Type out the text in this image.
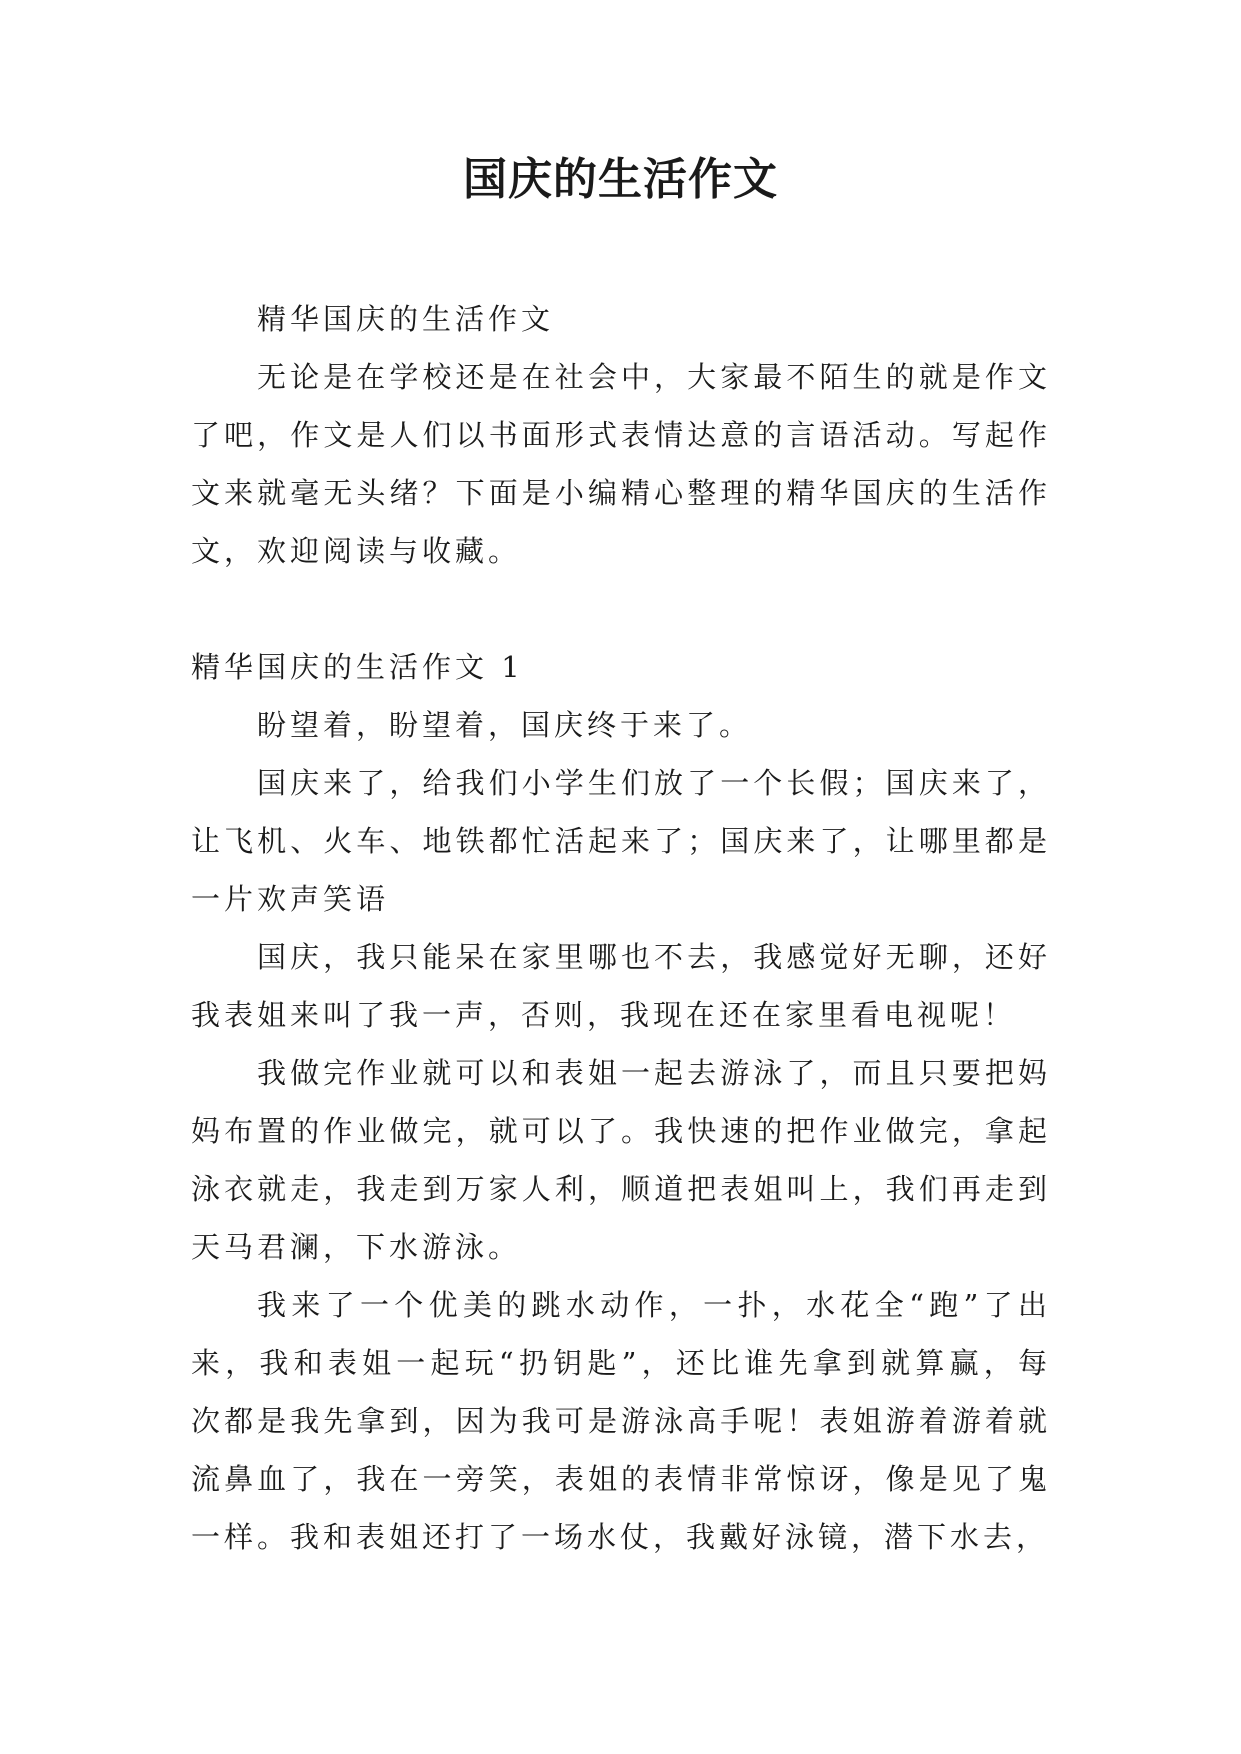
国庆的生活作文

精华国庆的生活作文

无论是在学校还是在社会中，大家最不陌生的就是作文了吧，作文是人们以书面形式表情达意的言语活动。写起作文来就毫无头绪？下面是小编精心整理的精华国庆的生活作文，欢迎阅读与收藏。

精华国庆的生活作文 1

盼望着，盼望着，国庆终于来了。

国庆来了，给我们小学生们放了一个长假；国庆来了，让飞机、火车、地铁都忙活起来了；国庆来了，让哪里都是一片欢声笑语

国庆，我只能呆在家里哪也不去，我感觉好无聊，还好我表姐来叫了我一声，否则，我现在还在家里看电视呢！

我做完作业就可以和表姐一起去游泳了，而且只要把妈妈布置的作业做完，就可以了。我快速的把作业做完，拿起泳衣就走，我走到万家人利，顺道把表姐叫上，我们再走到天马君澜，下水游泳。

我来了一个优美的跳水动作，一扑，水花全“跑”了出来，我和表姐一起玩“扔钥匙”，还比谁先拿到就算赢，每次都是我先拿到，因为我可是游泳高手呢！表姐游着游着就流鼻血了，我在一旁笑，表姐的表情非常惊讶，像是见了鬼一样。我和表姐还打了一场水仗，我戴好泳镜，潜下水去，
